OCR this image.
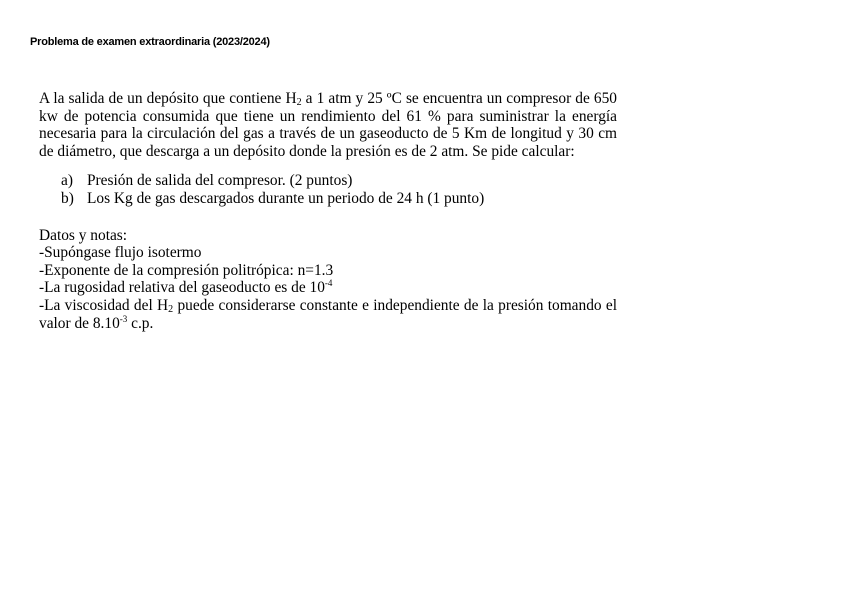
Problema de examen extraordinaria (2023/2024)

A la salida de un depósito que contiene $H_2$ a 1 atm y 25 ºC se encuentra un compresor de 650 kw de potencia consumida que tiene un rendimiento del 61 % para suministrar la energía necesaria para la circulación del gas a través de un gaseoducto de 5 Km de longitud y 30 cm de diámetro, que descarga a un depósito donde la presión es de 2 atm. Se pide calcular:

a) Presión de salida del compresor. (2 puntos)
b) Los Kg de gas descargados durante un periodo de 24 h (1 punto)
Datos y notas:
-Supóngase flujo isotermo
-Exponente de la compresión politrópica: n=1.3
-La rugosidad relativa del gaseoducto es de $10^{-4}$
-La viscosidad del $H_2$ puede considerarse constante e independiente de la presión tomando el valor de $8.10^{-3}$ c.p.
